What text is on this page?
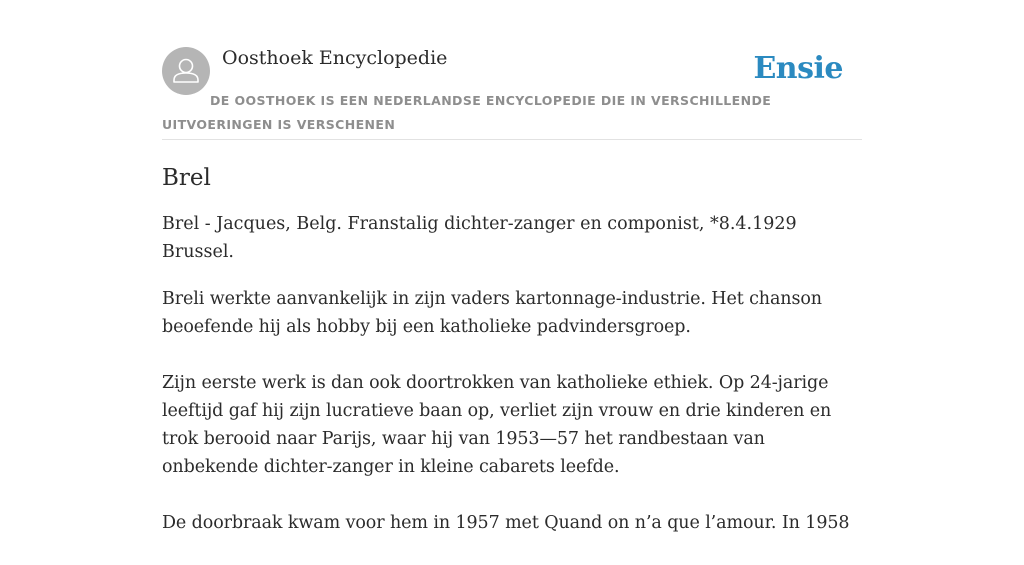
Oosthoek Encyclopedie	Ensie
DE OOSTHOEK IS EEN NEDERLANDSE ENCYCLOPEDIE DIE IN VERSCHILLENDE UITVOERINGEN IS VERSCHENEN
Brel

Brel - Jacques, Belg. Franstalig dichter-zanger en componist, *8.4.1929 Brussel.

Breli werkte aanvankelijk in zijn vaders kartonnage-industrie. Het chanson beoefende hij als hobby bij een katholieke padvindersgroep.

Zijn eerste werk is dan ook doortrokken van katholieke ethiek. Op 24-jarige leeftijd gaf hij zijn lucratieve baan op, verliet zijn vrouw en drie kinderen en trok berooid naar Parijs, waar hij van 1953—57 het randbestaan van onbekende dichter-zanger in kleine cabarets leefde.

De doorbraak kwam voor hem in 1957 met Quand on n’a que l’amour. In 1958
